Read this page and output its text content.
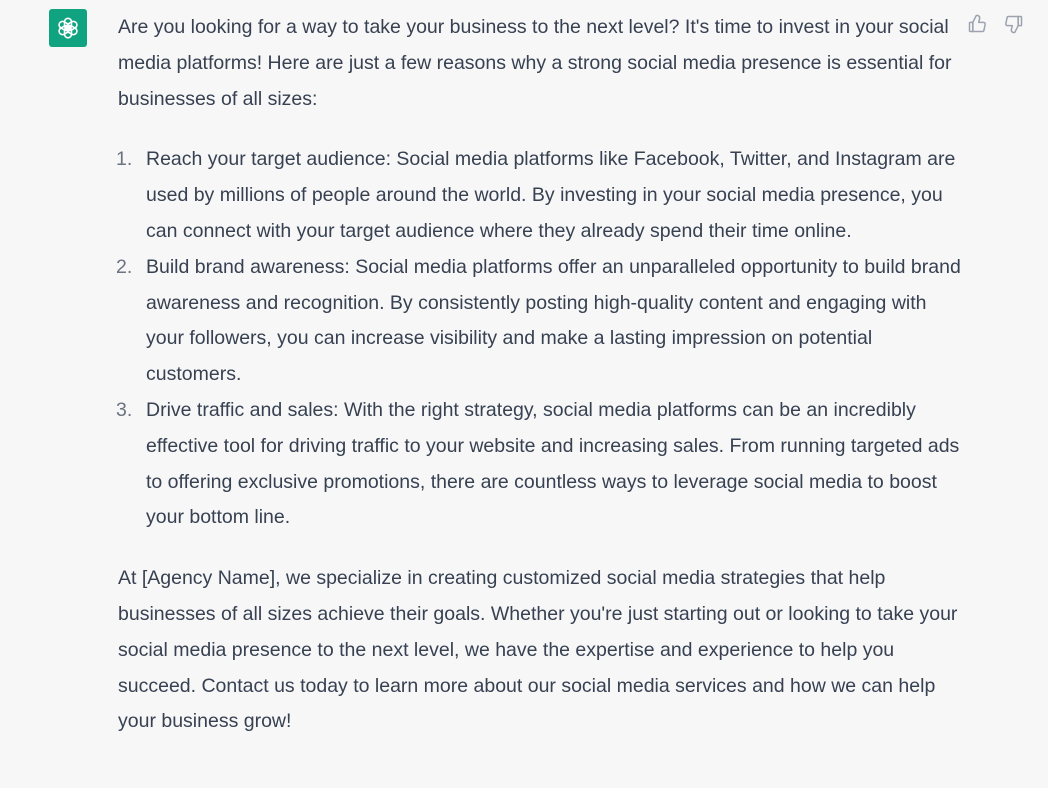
Are you looking for a way to take your business to the next level? It's time to invest in your social media platforms! Here are just a few reasons why a strong social media presence is essential for businesses of all sizes:

1. Reach your target audience: Social media platforms like Facebook, Twitter, and Instagram are used by millions of people around the world. By investing in your social media presence, you can connect with your target audience where they already spend their time online.
2. Build brand awareness: Social media platforms offer an unparalleled opportunity to build brand awareness and recognition. By consistently posting high-quality content and engaging with your followers, you can increase visibility and make a lasting impression on potential customers.
3. Drive traffic and sales: With the right strategy, social media platforms can be an incredibly effective tool for driving traffic to your website and increasing sales. From running targeted ads to offering exclusive promotions, there are countless ways to leverage social media to boost your bottom line.

At [Agency Name], we specialize in creating customized social media strategies that help businesses of all sizes achieve their goals. Whether you're just starting out or looking to take your social media presence to the next level, we have the expertise and experience to help you succeed. Contact us today to learn more about our social media services and how we can help your business grow!
